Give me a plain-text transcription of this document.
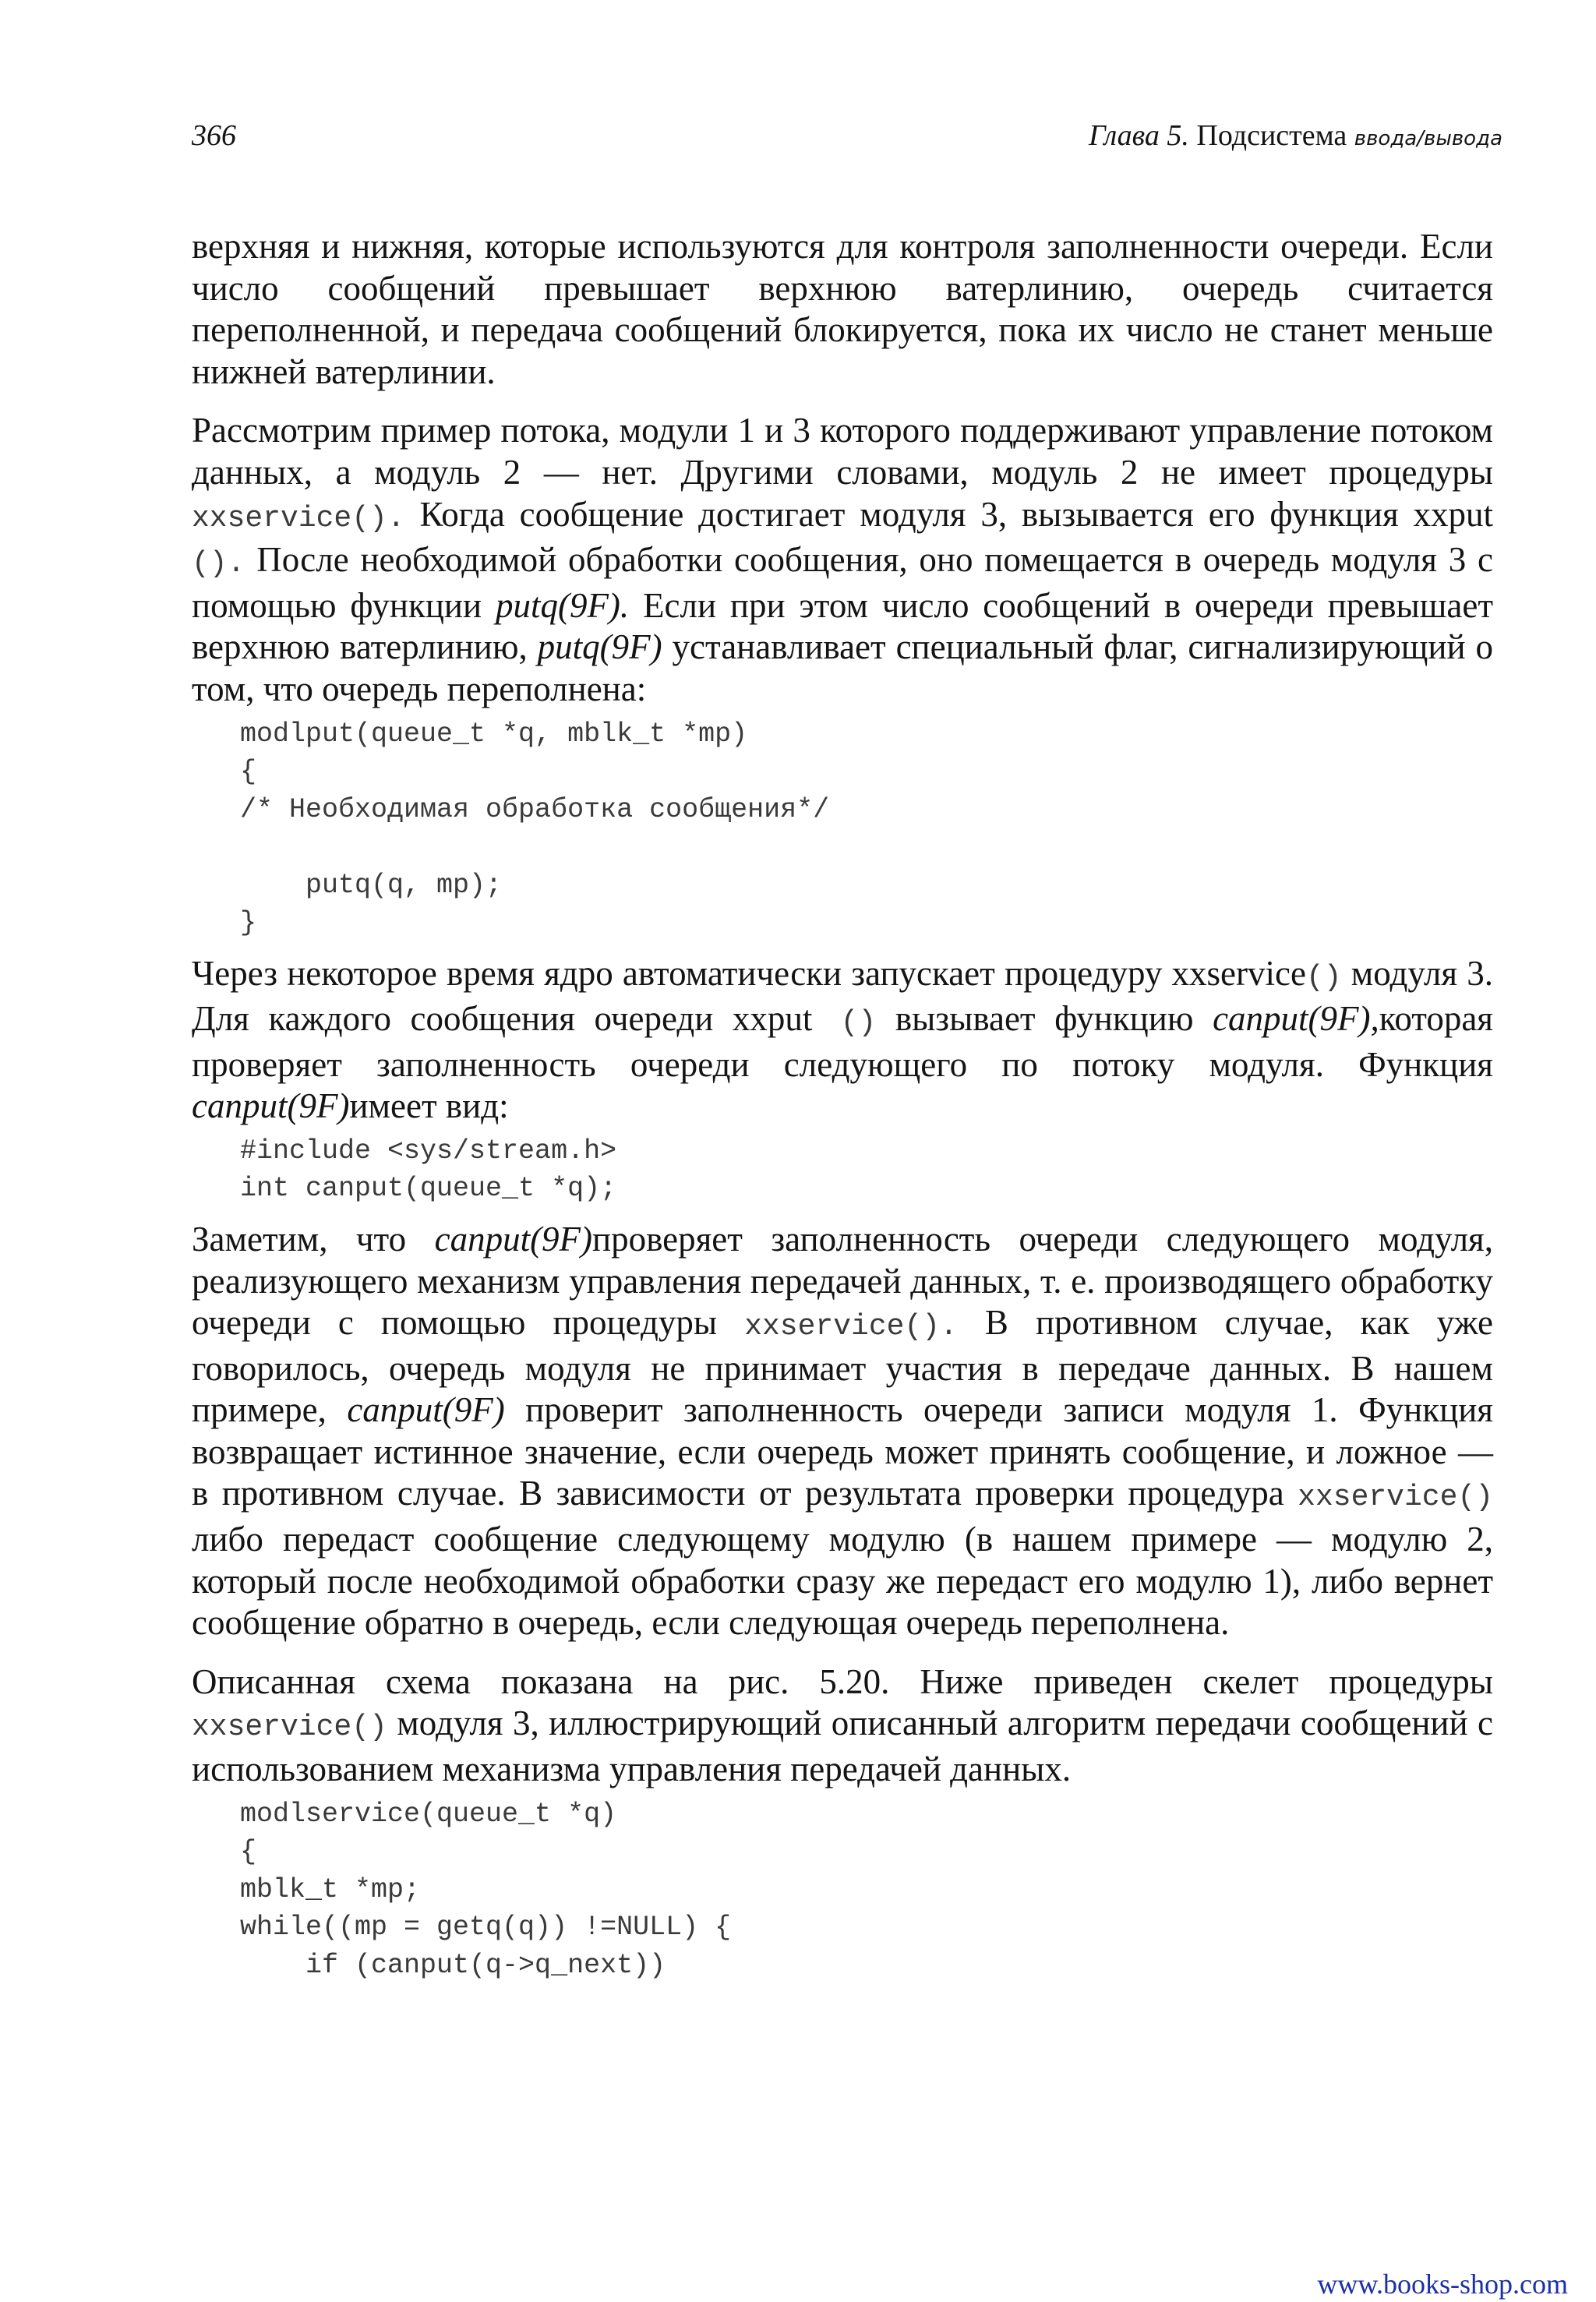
366	Глава 5. Подсистема ввода/вывода

верхняя и нижняя, которые используются для контроля заполненности очереди. Если число сообщений превышает верхнюю ватерлинию, очередь считается переполненной, и передача сообщений блокируется, пока их число не станет меньше нижней ватерлинии.

Рассмотрим пример потока, модули 1 и 3 которого поддерживают управление потоком данных, а модуль 2 — нет. Другими словами, модуль 2 не имеет процедуры xxservice(). Когда сообщение достигает модуля 3, вызывается его функция xxput (). После необходимой обработки сообщения, оно помещается в очередь модуля 3 с помощью функции putq(9F). Если при этом число сообщений в очереди превышает верхнюю ватерлинию, putq(9F) устанавливает специальный флаг, сигнализирующий о том, что очередь переполнена:

modlput(queue_t *q, mblk_t *mp)
{
/* Необходимая обработка сообщения*/

putq(q, mp);
}

Через некоторое время ядро автоматически запускает процедуру xxservice() модуля 3. Для каждого сообщения очереди xxput () вызывает функцию canput(9F),которая проверяет заполненность очереди следующего по потоку модуля. Функция canput(9F)имеет вид:

#include <sys/stream.h>
int canput(queue_t *q);

Заметим, что canput(9F)проверяет заполненность очереди следующего модуля, реализующего механизм управления передачей данных, т. е. производящего обработку очереди с помощью процедуры xxservice(). В противном случае, как уже говорилось, очередь модуля не принимает участия в передаче данных. В нашем примере, canput(9F) проверит заполненность очереди записи модуля 1. Функция возвращает истинное значение, если очередь может принять сообщение, и ложное — в противном случае. В зависимости от результата проверки процедура xxservice() либо передаст сообщение следующему модулю (в нашем примере — модулю 2, который после необходимой обработки сразу же передаст его модулю 1), либо вернет сообщение обратно в очередь, если следующая очередь переполнена.

Описанная схема показана на рис. 5.20. Ниже приведен скелет процедуры xxservice() модуля 3, иллюстрирующий описанный алгоритм передачи сообщений с использованием механизма управления передачей данных.

modlservice(queue_t *q)
{
mblk_t *mp;
while((mp = getq(q)) !=NULL) {
if (canput(q->q_next))
www.books-shop.com
